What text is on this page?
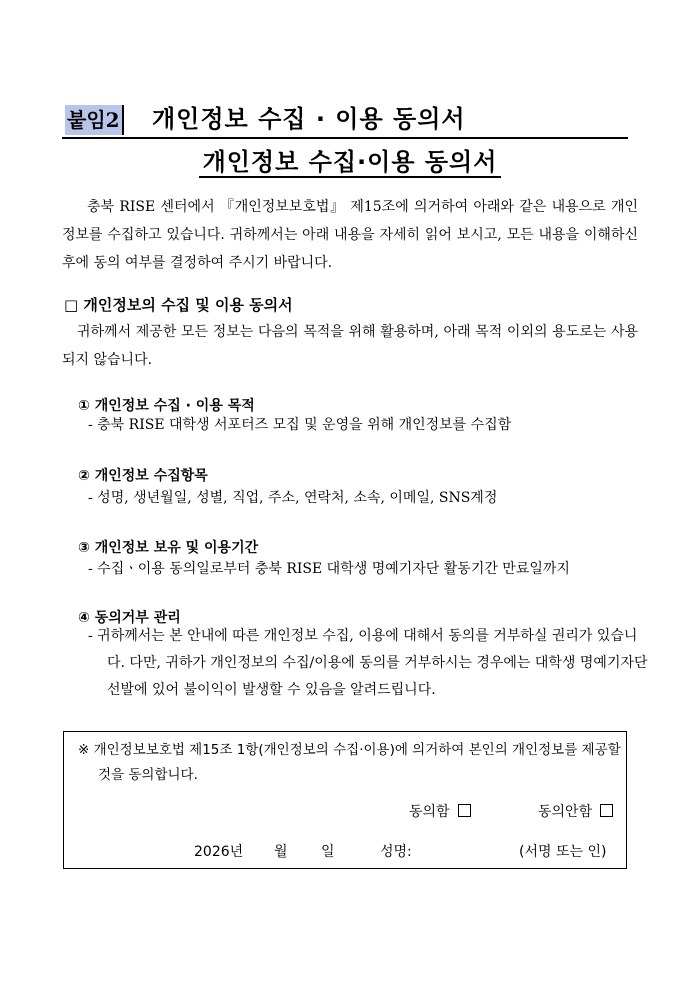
붙임2 개인정보 수집 · 이용 동의서
개인정보 수집·이용 동의서
충북 RISE 센터에서 『개인정보보호법』 제15조에 의거하여 아래와 같은 내용으로 개인정보를 수집하고 있습니다. 귀하께서는 아래 내용을 자세히 읽어 보시고, 모든 내용을 이해하신 후에 동의 여부를 결정하여 주시기 바랍니다.
□ 개인정보의 수집 및 이용 동의서
귀하께서 제공한 모든 정보는 다음의 목적을 위해 활용하며, 아래 목적 이외의 용도로는 사용되지 않습니다.
① 개인정보 수집 · 이용 목적
- 충북 RISE 대학생 서포터즈 모집 및 운영을 위해 개인정보를 수집함
② 개인정보 수집항목
- 성명, 생년월일, 성별, 직업, 주소, 연락처, 소속, 이메일, SNS계정
③ 개인정보 보유 및 이용기간
- 수집ㆍ이용 동의일로부터 충북 RISE 대학생 명예기자단 활동기간 만료일까지
④ 동의거부 관리
- 귀하께서는 본 안내에 따른 개인정보 수집, 이용에 대해서 동의를 거부하실 권리가 있습니다. 다만, 귀하가 개인정보의 수집/이용에 동의를 거부하시는 경우에는 대학생 명예기자단 선발에 있어 불이익이 발생할 수 있음을 알려드립니다.
※ 개인정보보호법 제15조 1항(개인정보의 수집·이용)에 의거하여 본인의 개인정보를 제공할 것을 동의합니다.
동의함	동의안함
2026년 월 일	성명:	(서명 또는 인)
